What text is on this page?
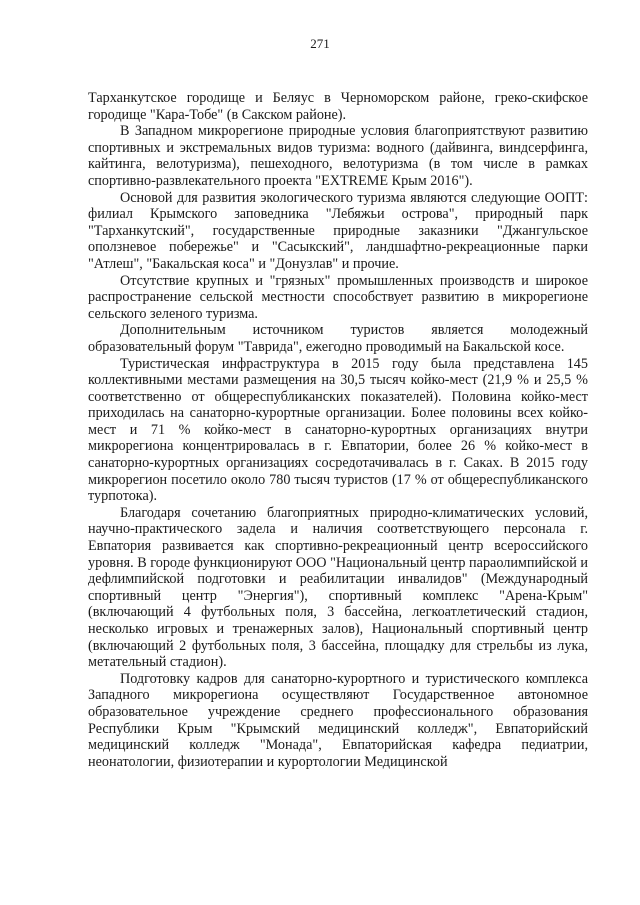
271

Тарханкутское городище и Беляус в Черноморском районе, греко-скифское городище "Кара-Тобе" (в Сакском районе).

В Западном микрорегионе природные условия благоприятствуют развитию спортивных и экстремальных видов туризма: водного (дайвинга, виндсерфинга, кайтинга, велотуризма), пешеходного, велотуризма (в том числе в рамках спортивно-развлекательного проекта "EXTREME Крым 2016").

Основой для развития экологического туризма являются следующие ООПТ: филиал Крымского заповедника "Лебяжьи острова", природный парк "Тарханкутский", государственные природные заказники "Джангульское оползневое побережье" и "Сасыкский", ландшафтно-рекреационные парки "Атлеш", "Бакальская коса" и "Донузлав" и прочие.

Отсутствие крупных и "грязных" промышленных производств и широкое распространение сельской местности способствует развитию в микрорегионе сельского зеленого туризма.

Дополнительным источником туристов является молодежный образовательный форум "Таврида", ежегодно проводимый на Бакальской косе.

Туристическая инфраструктура в 2015 году была представлена 145 коллективными местами размещения на 30,5 тысяч койко-мест (21,9 % и 25,5 % соответственно от общереспубликанских показателей). Половина койко-мест приходилась на санаторно-курортные организации. Более половины всех койко-мест и 71 % койко-мест в санаторно-курортных организациях внутри микрорегиона концентрировалась в г. Евпатории, более 26 % койко-мест в санаторно-курортных организациях сосредотачивалась в г. Саках. В 2015 году микрорегион посетило около 780 тысяч туристов (17 % от общереспубликанского турпотока).

Благодаря сочетанию благоприятных природно-климатических условий, научно-практического задела и наличия соответствующего персонала г. Евпатория развивается как спортивно-рекреационный центр всероссийского уровня. В городе функционируют ООО "Национальный центр параолимпийской и дефлимпийской подготовки и реабилитации инвалидов" (Международный спортивный центр "Энергия"), спортивный комплекс "Арена-Крым" (включающий 4 футбольных поля, 3 бассейна, легкоатлетический стадион, несколько игровых и тренажерных залов), Национальный спортивный центр (включающий 2 футбольных поля, 3 бассейна, площадку для стрельбы из лука, метательный стадион).

Подготовку кадров для санаторно-курортного и туристического комплекса Западного микрорегиона осуществляют Государственное автономное образовательное учреждение среднего профессионального образования Республики Крым "Крымский медицинский колледж", Евпаторийский медицинский колледж "Монада", Евпаторийская кафедра педиатрии, неонатологии, физиотерапии и курортологии Медицинской
